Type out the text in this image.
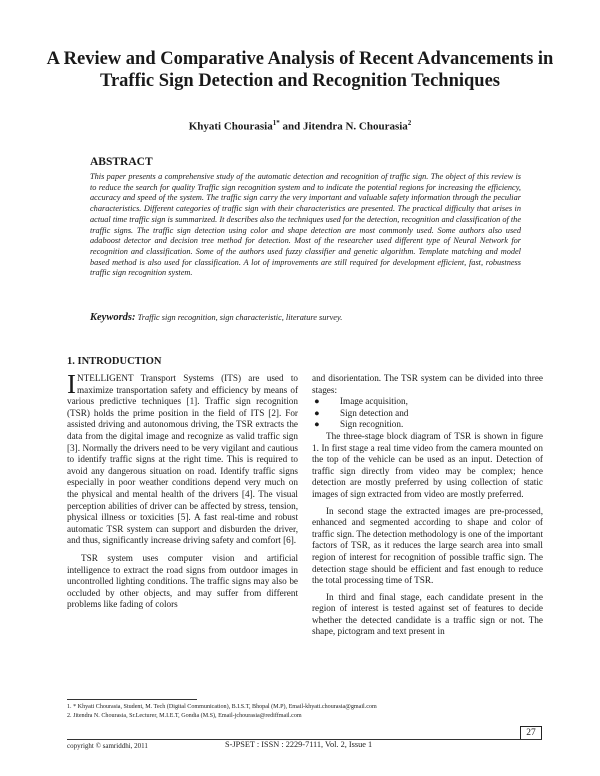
A Review and Comparative Analysis of Recent Advancements in Traffic Sign Detection and Recognition Techniques
Khyati Chourasia$^{1*}$ and Jitendra N. Chourasia$^2$
ABSTRACT
This paper presents a comprehensive study of the automatic detection and recognition of traffic sign. The object of this review is to reduce the search for quality Traffic sign recognition system and to indicate the potential regions for increasing the efficiency, accuracy and speed of the system. The traffic sign carry the very important and valuable safety information through the peculiar characteristics. Different categories of traffic sign with their characteristics are presented. The practical difficulty that arises in actual time traffic sign is summarized. It describes also the techniques used for the detection, recognition and classification of the traffic signs. The traffic sign detection using color and shape detection are most commonly used. Some authors also used adaboost detector and decision tree method for detection. Most of the researcher used different type of Neural Network for recognition and classification. Some of the authors used fuzzy classifier and genetic algorithm. Template matching and model based method is also used for classification. A lot of improvements are still required for development efficient, fast, robustness traffic sign recognition system.
Keywords: Traffic sign recognition, sign characteristic, literature survey.
1. INTRODUCTION

INTELLIGENT Transport Systems (ITS) are used to maximize transportation safety and efficiency by means of various predictive techniques [1]. Traffic sign recognition (TSR) holds the prime position in the field of ITS [2]. For assisted driving and autonomous driving, the TSR extracts the data from the digital image and recognize as valid traffic sign [3]. Normally the drivers need to be very vigilant and cautious to identify traffic signs at the right time. This is required to avoid any dangerous situation on road. Identify traffic signs especially in poor weather conditions depend very much on the physical and mental health of the drivers [4]. The visual perception abilities of driver can be affected by stress, tension, physical illness or toxicities [5]. A fast real-time and robust automatic TSR system can support and disburden the driver, and thus, significantly increase driving safety and comfort [6].

TSR system uses computer vision and artificial intelligence to extract the road signs from outdoor images in uncontrolled lighting conditions. The traffic signs may also be occluded by other objects, and may suffer from different problems like fading of colors

and disorientation. The TSR system can be divided into three stages:

● Image acquisition,
● Sign detection and
● Sign recognition.

The three-stage block diagram of TSR is shown in figure 1. In first stage a real time video from the camera mounted on the top of the vehicle can be used as an input. Detection of traffic sign directly from video may be complex; hence detection are mostly preferred by using collection of static images of sign extracted from video are mostly preferred.

In second stage the extracted images are pre-processed, enhanced and segmented according to shape and color of traffic sign. The detection methodology is one of the important factors of TSR, as it reduces the large search area into small region of interest for recognition of possible traffic sign. The detection stage should be efficient and fast enough to reduce the total processing time of TSR.

In third and final stage, each candidate present in the region of interest is tested against set of features to decide whether the detected candidate is a traffic sign or not. The shape, pictogram and text present in

1. * Khyati Chourasia, Student, M. Tech (Digital Communication), B.I.S.T, Bhopal (M.P), Email-khyati.chourasia@gmail.com
2. Jitendra N. Chourasia, Sr.Lecturer, M.I.E.T, Gondia (M.S), Email-jchourasia@rediffmail.com
27
copyright © samriddhi, 2011	S-JPSET : ISSN : 2229-7111, Vol. 2, Issue 1
